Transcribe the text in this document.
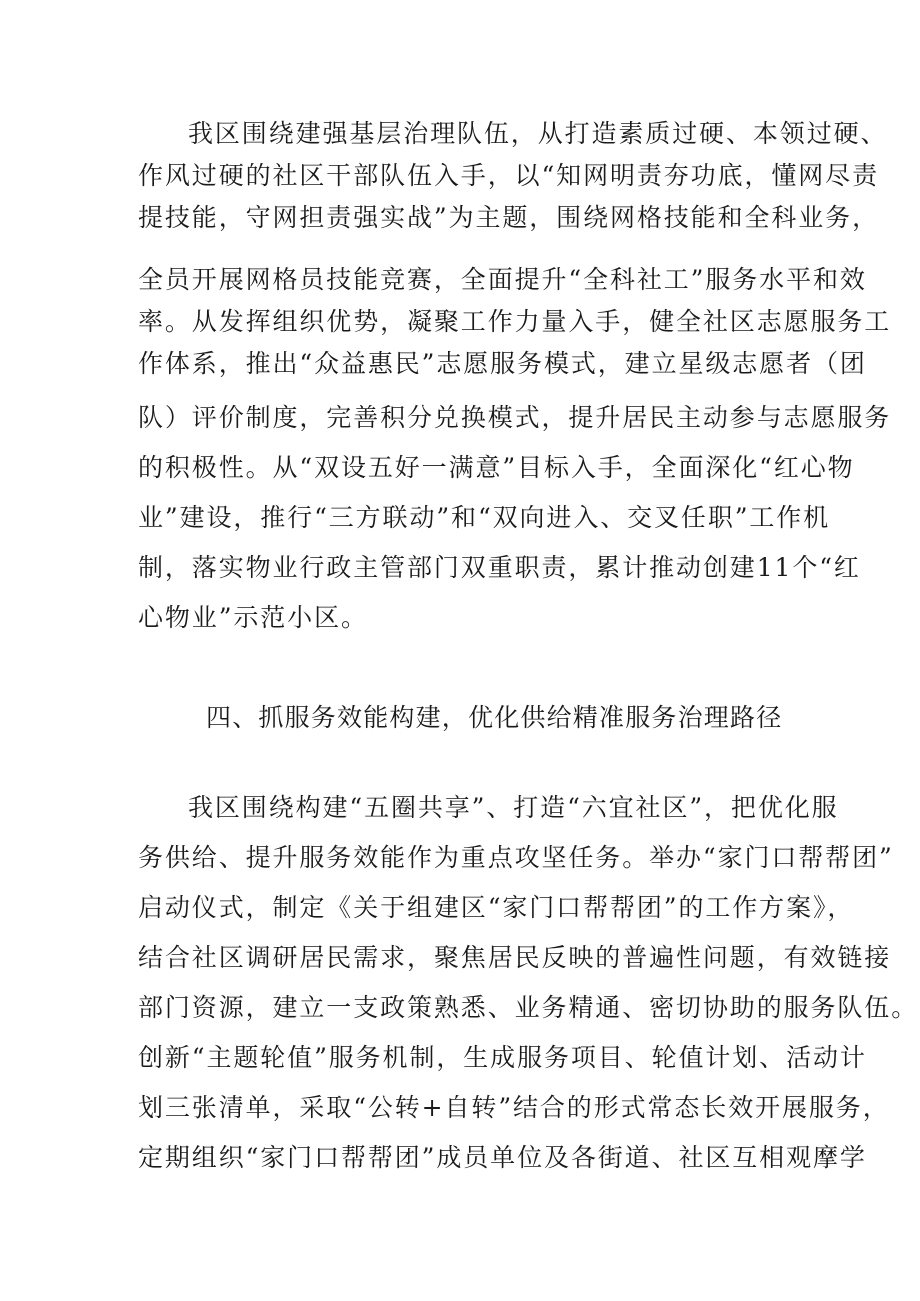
我区围绕建强基层治理队伍，从打造素质过硬、本领过硬、
作风过硬的社区干部队伍入手，以“知网明责夯功底，懂网尽责
提技能，守网担责强实战”为主题，围绕网格技能和全科业务，
全员开展网格员技能竞赛，全面提升“全科社工”服务水平和效
率。从发挥组织优势，凝聚工作力量入手，健全社区志愿服务工
作体系，推出“众益惠民”志愿服务模式，建立星级志愿者（团
队）评价制度，完善积分兑换模式，提升居民主动参与志愿服务
的积极性。从“双设五好一满意”目标入手，全面深化“红心物
业”建设，推行“三方联动”和“双向进入、交叉任职”工作机
制，落实物业行政主管部门双重职责，累计推动创建11个“红
心物业”示范小区。
四、抓服务效能构建，优化供给精准服务治理路径
我区围绕构建“五圈共享”、打造“六宜社区”，把优化服
务供给、提升服务效能作为重点攻坚任务。举办“家门口帮帮团”
启动仪式，制定《关于组建区“家门口帮帮团”的工作方案》，
结合社区调研居民需求，聚焦居民反映的普遍性问题，有效链接
部门资源，建立一支政策熟悉、业务精通、密切协助的服务队伍。
创新“主题轮值”服务机制，生成服务项目、轮值计划、活动计
划三张清单，采取“公转+自转”结合的形式常态长效开展服务，
定期组织“家门口帮帮团”成员单位及各街道、社区互相观摩学
